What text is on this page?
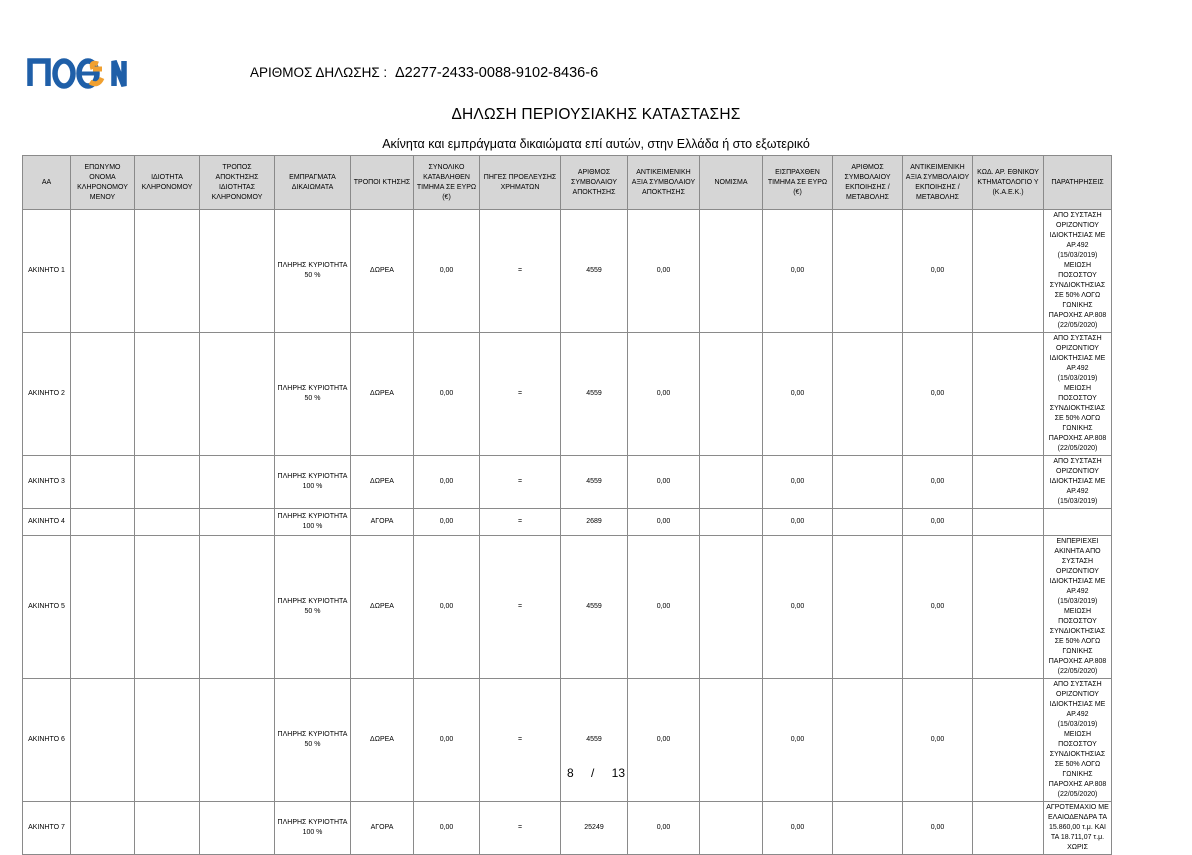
ΑΡΙΘΜΟΣ ΔΗΛΩΣΗΣ : Δ2277-2433-0088-9102-8436-6
ΔΗΛΩΣΗ ΠΕΡΙΟΥΣΙΑΚΗΣ ΚΑΤΑΣΤΑΣΗΣ
Ακίνητα και εμπράγματα δικαιώματα επί αυτών, στην Ελλάδα ή στο εξωτερικό
ΑΑ	ΕΠΩΝΥΜΟ ΟΝΟΜΑ ΚΛΗΡΟΝΟΜΟΥ ΜΕΝΟΥ	ΙΔΙΟΤΗΤΑ ΚΛΗΡΟΝΟΜΟΥ	ΤΡΟΠΟΣ ΑΠΟΚΤΗΣΗΣ ΙΔΙΟΤΗΤΑΣ ΚΛΗΡΟΝΟΜΟΥ	ΕΜΠΡΑΓΜΑΤΑ ΔΙΚΑΙΩΜΑΤΑ	ΤΡΟΠΟΙ ΚΤΗΣΗΣ	ΣΥΝΟΛΙΚΟ ΚΑΤΑΒΛΗΘΕΝ ΤΙΜΗΜΑ ΣΕ ΕΥΡΩ (€)	ΠΗΓΕΣ ΠΡΟΕΛΕΥΣΗΣ ΧΡΗΜΑΤΩΝ	ΑΡΙΘΜΟΣ ΣΥΜΒΟΛΑΙΟΥ ΑΠΟΚΤΗΣΗΣ	ΑΝΤΙΚΕΙΜΕΝΙΚΗ ΑΞΙΑ ΣΥΜΒΟΛΑΙΟΥ ΑΠΟΚΤΗΣΗΣ	ΝΟΜΙΣΜΑ	ΕΙΣΠΡΑΧΘΕΝ ΤΙΜΗΜΑ ΣΕ ΕΥΡΩ (€)	ΑΡΙΘΜΟΣ ΣΥΜΒΟΛΑΙΟΥ ΕΚΠΟΙΗΣΗΣ /ΜΕΤΑΒΟΛΗΣ	ΑΝΤΙΚΕΙΜΕΝΙΚΗ ΑΞΙΑ ΣΥΜΒΟΛΑΙΟΥ ΕΚΠΟΙΗΣΗΣ / ΜΕΤΑΒΟΛΗΣ	ΚΩΔ. ΑΡ. ΕΘΝΙΚΟΥ ΚΤΗΜΑΤΟΛΟΓΙΟ Υ (Κ.Α.Ε.Κ.)	ΠΑΡΑΤΗΡΗΣΕΙΣ
ΑΚΙΝΗΤΟ 1				ΠΛΗΡΗΣ ΚΥΡΙΟΤΗΤΑ 50 %	ΔΩΡΕΑ	0,00	=	4559	0,00		0,00		0,00		ΑΠΟ ΣΥΣΤΑΣΗ ΟΡΙΖΟΝΤΙΟΥ ΙΔΙΟΚΤΗΣΙΑΣ ΜΕ ΑΡ.492 (15/03/2019) ΜΕΙΩΣΗ ΠΟΣΟΣΤΟΥ ΣΥΝΔΙΟΚΤΗΣΙΑΣ ΣΕ 50% ΛΟΓΩ ΓΩΝΙΚΗΣ ΠΑΡΟΧΗΣ ΑΡ.808 (22/05/2020)
ΑΚΙΝΗΤΟ 2				ΠΛΗΡΗΣ ΚΥΡΙΟΤΗΤΑ 50 %	ΔΩΡΕΑ	0,00	=	4559	0,00		0,00		0,00		ΑΠΟ ΣΥΣΤΑΣΗ ΟΡΙΖΟΝΤΙΟΥ ΙΔΙΟΚΤΗΣΙΑΣ ΜΕ ΑΡ.492 (15/03/2019) ΜΕΙΩΣΗ ΠΟΣΟΣΤΟΥ ΣΥΝΔΙΟΚΤΗΣΙΑΣ ΣΕ 50% ΛΟΓΩ ΓΩΝΙΚΗΣ ΠΑΡΟΧΗΣ ΑΡ.808 (22/05/2020)
ΑΚΙΝΗΤΟ 3				ΠΛΗΡΗΣ ΚΥΡΙΟΤΗΤΑ 100 %	ΔΩΡΕΑ	0,00	=	4559	0,00		0,00		0,00		ΑΠΟ ΣΥΣΤΑΣΗ ΟΡΙΖΟΝΤΙΟΥ ΙΔΙΟΚΤΗΣΙΑΣ ΜΕ ΑΡ.492 (15/03/2019)
ΑΚΙΝΗΤΟ 4				ΠΛΗΡΗΣ ΚΥΡΙΟΤΗΤΑ 100 %	ΑΓΟΡΑ	0,00	=	2689	0,00		0,00		0,00		
ΑΚΙΝΗΤΟ 5				ΠΛΗΡΗΣ ΚΥΡΙΟΤΗΤΑ 50 %	ΔΩΡΕΑ	0,00	=	4559	0,00		0,00		0,00		ΕΝΠΕΡΙΕΧΕΙ ΑΚΙΝΗΤΑ ΑΠΟ ΣΥΣΤΑΣΗ ΟΡΙΖΟΝΤΙΟΥ ΙΔΙΟΚΤΗΣΙΑΣ ΜΕ ΑΡ.492 (15/03/2019) ΜΕΙΩΣΗ ΠΟΣΟΣΤΟΥ ΣΥΝΔΙΟΚΤΗΣΙΑΣ ΣΕ 50% ΛΟΓΩ ΓΩΝΙΚΗΣ ΠΑΡΟΧΗΣ ΑΡ.808 (22/05/2020)
ΑΚΙΝΗΤΟ 6				ΠΛΗΡΗΣ ΚΥΡΙΟΤΗΤΑ 50 %	ΔΩΡΕΑ	0,00	=	4559	0,00		0,00		0,00		ΑΠΟ ΣΥΣΤΑΣΗ ΟΡΙΖΟΝΤΙΟΥ ΙΔΙΟΚΤΗΣΙΑΣ ΜΕ ΑΡ.492 (15/03/2019) ΜΕΙΩΣΗ ΠΟΣΟΣΤΟΥ ΣΥΝΔΙΟΚΤΗΣΙΑΣ ΣΕ 50% ΛΟΓΩ ΓΩΝΙΚΗΣ ΠΑΡΟΧΗΣ ΑΡ.808 (22/05/2020)
ΑΚΙΝΗΤΟ 7				ΠΛΗΡΗΣ ΚΥΡΙΟΤΗΤΑ 100 %	ΑΓΟΡΑ	0,00	=	25249	0,00		0,00		0,00		ΑΓΡΟΤΕΜΑΧΙΟ ΜΕ ΕΛΑΙΟΔΕΝΔΡΑ ΤΑ 15.860,00 τ.μ. ΚΑΙ ΤΑ 18.711,07 τ.μ. ΧΩΡΙΣ
8 / 13
